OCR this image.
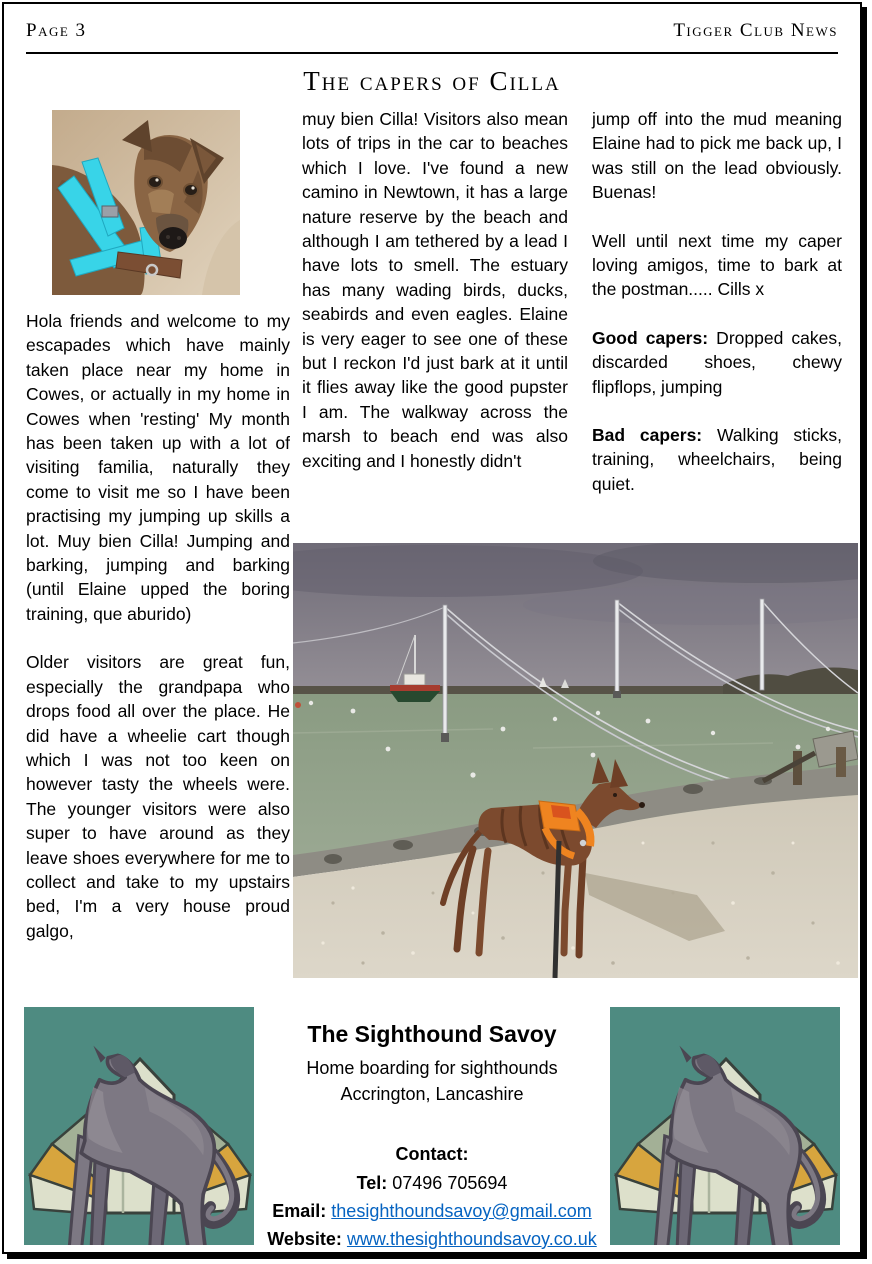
Page 3	Tigger Club News
The capers of Cilla

Hola friends and welcome to my escapades which have mainly taken place near my home in Cowes, or actually in my home in Cowes when 'resting' My month has been taken up with a lot of visiting familia, naturally they come to visit me so I have been practising my jumping up skills a lot. Muy bien Cilla! Jumping and barking, jumping and barking (until Elaine upped the boring training, que aburido)

Older visitors are great fun, especially the grandpapa who drops food all over the place. He did have a wheelie cart though which I was not too keen on however tasty the wheels were. The younger visitors were also super to have around as they leave shoes everywhere for me to collect and take to my upstairs bed, I'm a very house proud galgo,

muy bien Cilla! Visitors also mean lots of trips in the car to beaches which I love. I've found a new camino in Newtown, it has a large nature reserve by the beach and although I am tethered by a lead I have lots to smell. The estuary has many wading birds, ducks, seabirds and even eagles. Elaine is very eager to see one of these but I reckon I'd just bark at it until it flies away like the good pupster I am. The walkway across the marsh to beach end was also exciting and I honestly didn't

jump off into the mud meaning Elaine had to pick me back up, I was still on the lead obviously. Buenas!

Well until next time my caper loving amigos, time to bark at the postman..... Cills x

Good capers: Dropped cakes, discarded shoes, chewy flipflops, jumping

Bad capers: Walking sticks, training, wheelchairs, being quiet.

The Sighthound Savoy
Home boarding for sighthounds
Accrington, Lancashire
Contact:
Tel: 07496 705694
Email: thesighthoundsavoy@gmail.com
Website: www.thesighthoundsavoy.co.uk
